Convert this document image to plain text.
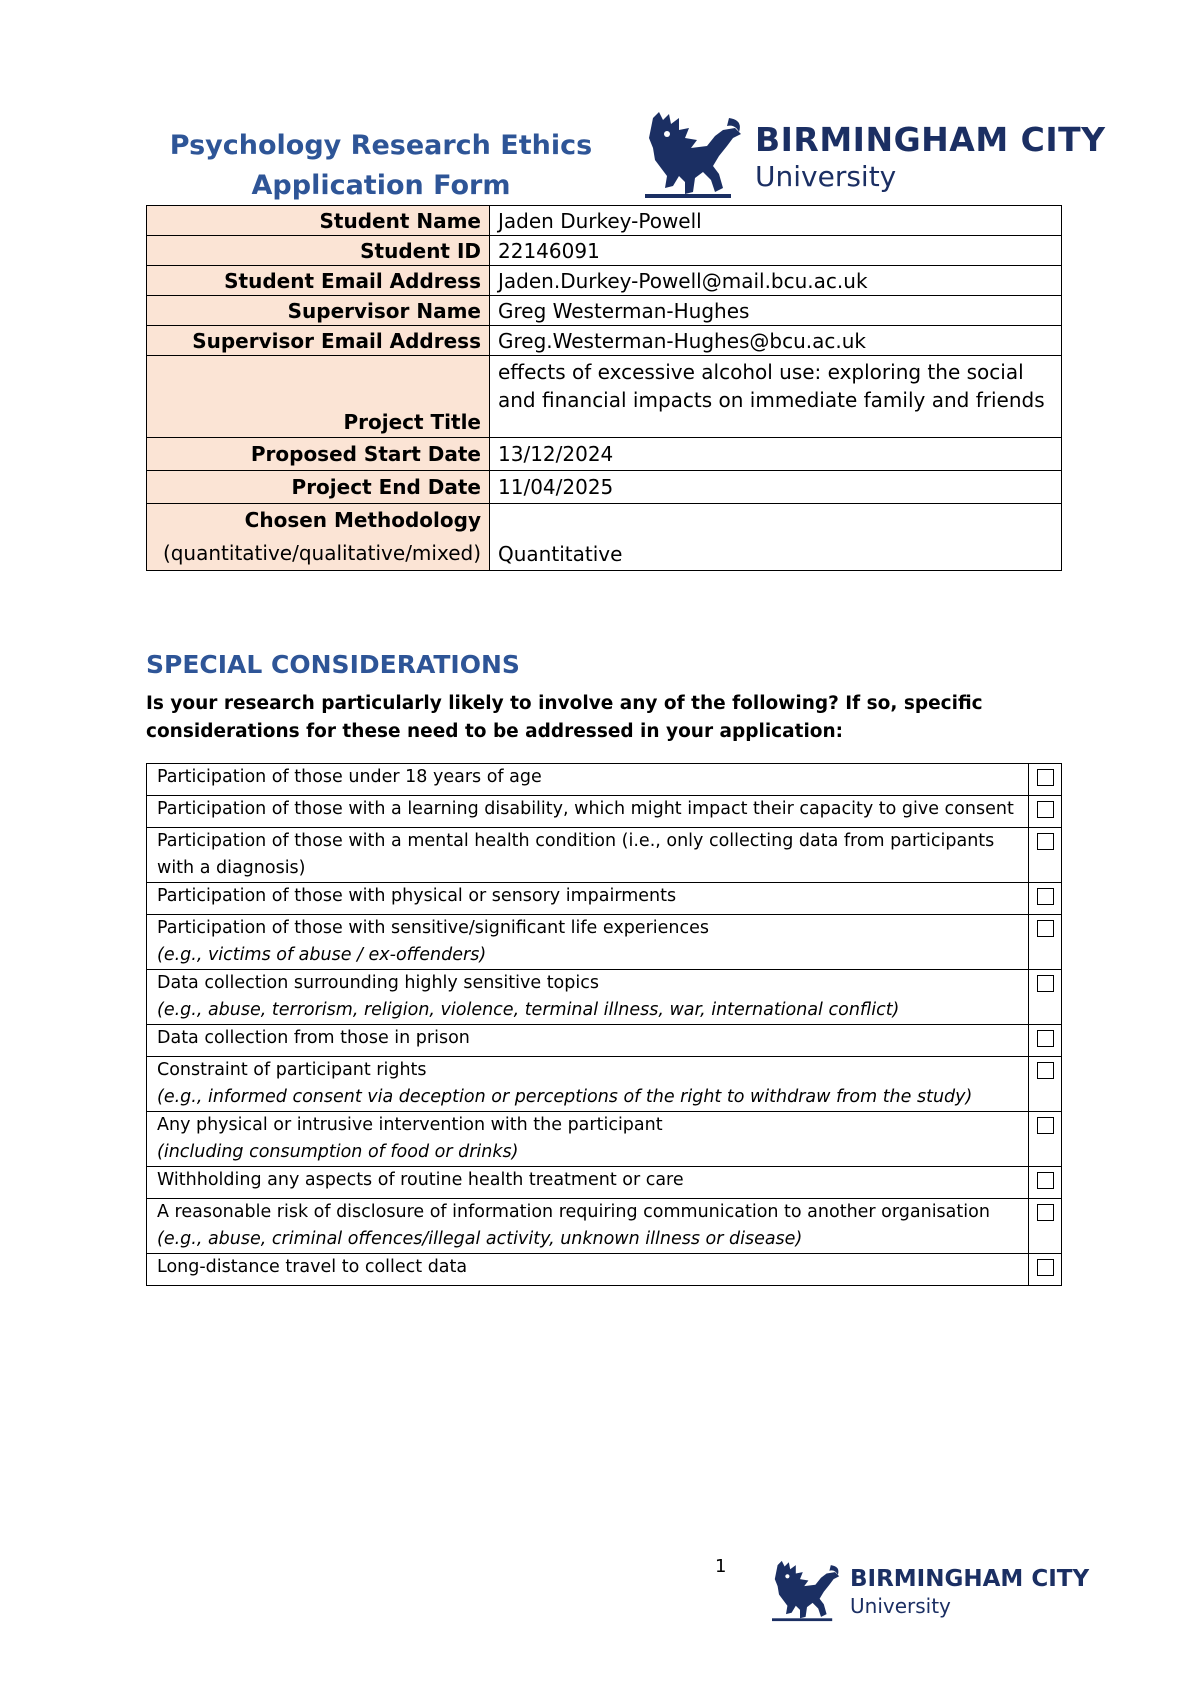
Psychology Research Ethics
Application Form
BIRMINGHAM CITY
University
Student Name	Jaden Durkey-Powell
Student ID	22146091
Student Email Address	Jaden.Durkey-Powell@mail.bcu.ac.uk
Supervisor Name	Greg Westerman-Hughes
Supervisor Email Address	Greg.Westerman-Hughes@bcu.ac.uk
Project Title	effects of excessive alcohol use: exploring the social and financial impacts on immediate family and friends
Proposed Start Date	13/12/2024
Project End Date	11/04/2025

Chosen Methodology
(quantitative/qualitative/mixed)	Quantitative
SPECIAL CONSIDERATIONS
Is your research particularly likely to involve any of the following? If so, specific considerations for these need to be addressed in your application:
Participation of those under 18 years of age	
Participation of those with a learning disability, which might impact their capacity to give consent	
Participation of those with a mental health condition (i.e., only collecting data from participants with a diagnosis)	
Participation of those with physical or sensory impairments	
Participation of those with sensitive/significant life experiences
(e.g., victims of abuse / ex-offenders)	
Data collection surrounding highly sensitive topics
(e.g., abuse, terrorism, religion, violence, terminal illness, war, international conflict)	
Data collection from those in prison	
Constraint of participant rights
(e.g., informed consent via deception or perceptions of the right to withdraw from the study)	
Any physical or intrusive intervention with the participant
(including consumption of food or drinks)	
Withholding any aspects of routine health treatment or care	
A reasonable risk of disclosure of information requiring communication to another organisation (e.g., abuse, criminal offences/illegal activity, unknown illness or disease)	
Long-distance travel to collect data	
1	BIRMINGHAM CITY
University
